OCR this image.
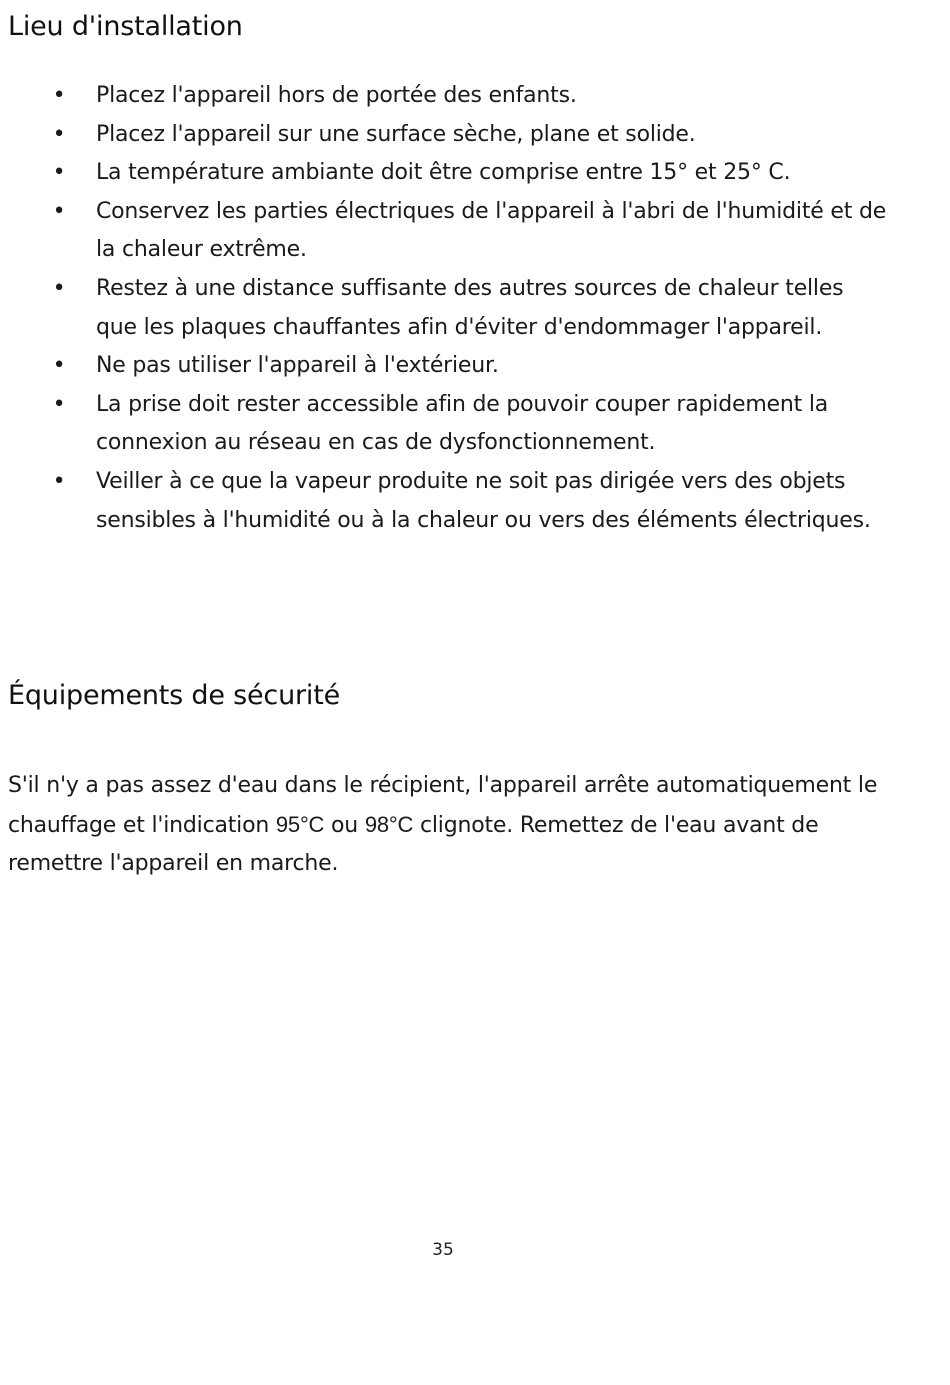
Lieu d'installation
• Placez l'appareil hors de portée des enfants.
• Placez l'appareil sur une surface sèche, plane et solide.
• La température ambiante doit être comprise entre 15° et 25° C.
• Conservez les parties électriques de l'appareil à l'abri de l'humidité et de la chaleur extrême.
• Restez à une distance suffisante des autres sources de chaleur telles que les plaques chauffantes afin d'éviter d'endommager l'appareil.
• Ne pas utiliser l'appareil à l'extérieur.
• La prise doit rester accessible afin de pouvoir couper rapidement la connexion au réseau en cas de dysfonctionnement.
• Veiller à ce que la vapeur produite ne soit pas dirigée vers des objets sensibles à l'humidité ou à la chaleur ou vers des éléments électriques.
Équipements de sécurité

S'il n'y a pas assez d'eau dans le récipient, l'appareil arrête automatiquement le chauffage et l'indication 95°C ou 98°C clignote. Remettez de l'eau avant de remettre l'appareil en marche.

35
